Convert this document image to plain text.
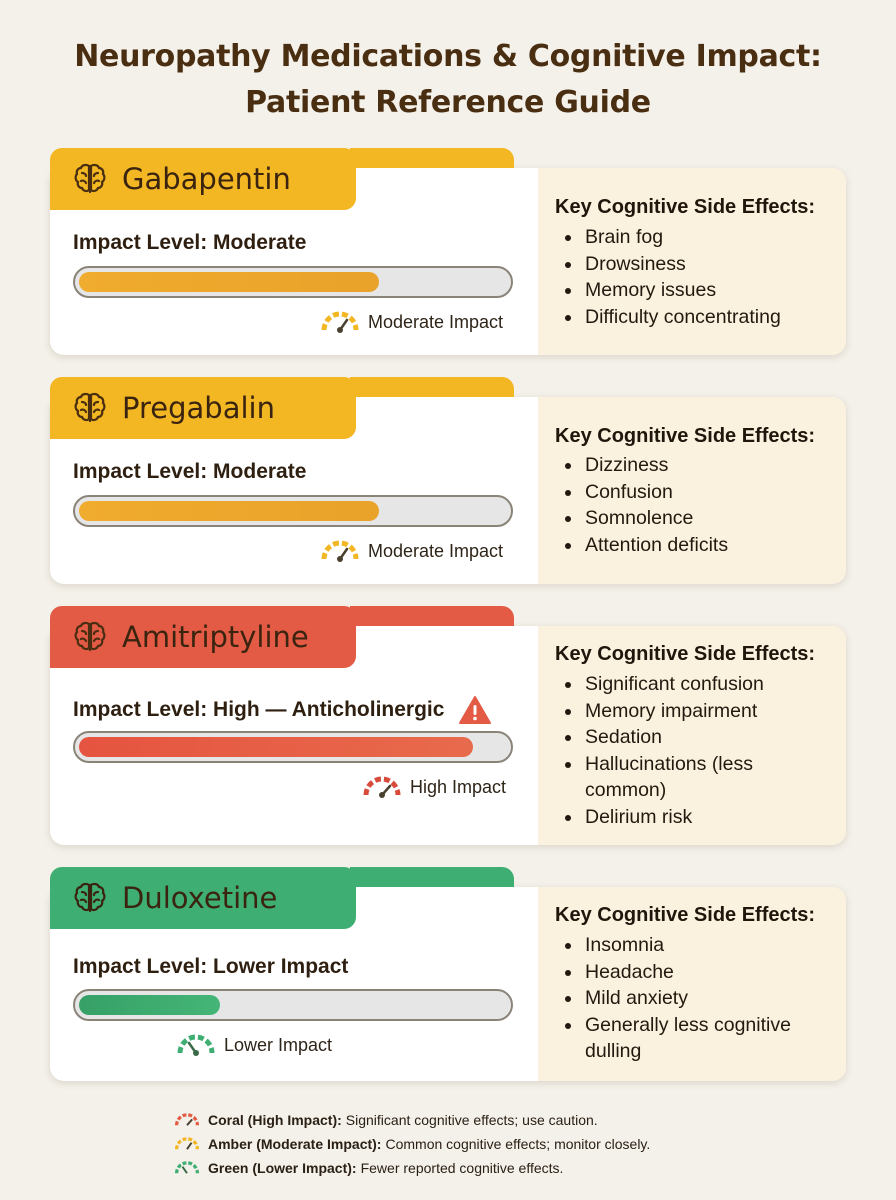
Neuropathy Medications & Cognitive Impact:
Patient Reference Guide
Gabapentin
Impact Level: Moderate
Moderate Impact
Key Cognitive Side Effects:
Brain fog
Drowsiness
Memory issues
Difficulty concentrating
Pregabalin
Impact Level: Moderate
Moderate Impact
Key Cognitive Side Effects:
Dizziness
Confusion
Somnolence
Attention deficits
Amitriptyline
Impact Level: High — Anticholinergic
High Impact
Key Cognitive Side Effects:
Significant confusion
Memory impairment
Sedation
Hallucinations (less common)
Delirium risk
Duloxetine
Impact Level: Lower Impact
Lower Impact
Key Cognitive Side Effects:
Insomnia
Headache
Mild anxiety
Generally less cognitive dulling
Coral (High Impact): Significant cognitive effects; use caution.
Amber (Moderate Impact): Common cognitive effects; monitor closely.
Green (Lower Impact): Fewer reported cognitive effects.
